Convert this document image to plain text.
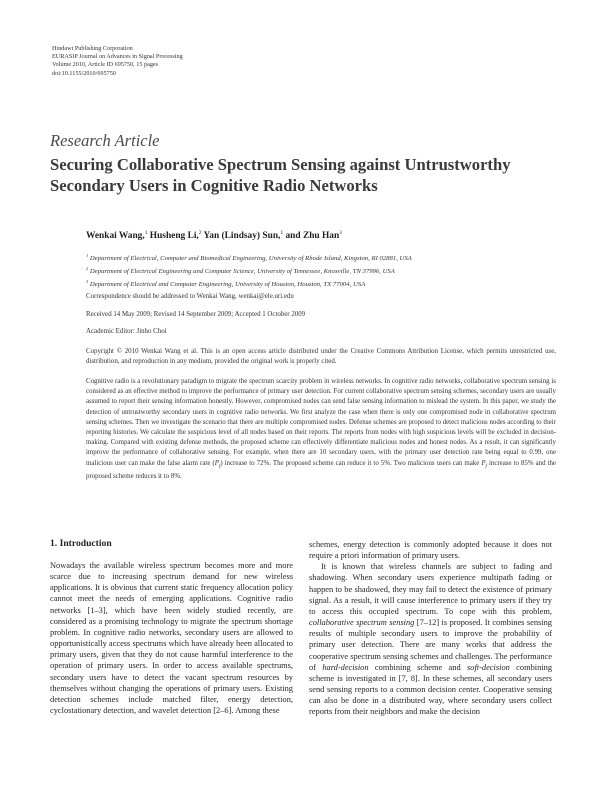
Hindawi Publishing Corporation
EURASIP Journal on Advances in Signal Processing
Volume 2010, Article ID 695750, 15 pages
doi:10.1155/2010/695750
Research Article
Securing Collaborative Spectrum Sensing against Untrustworthy Secondary Users in Cognitive Radio Networks
Wenkai Wang,$^1$ Husheng Li,$^2$ Yan (Lindsay) Sun,$^1$ and Zhu Han$^3$
$^1$ Department of Electrical, Computer and Biomedical Engineering, University of Rhode Island, Kingston, RI 02881, USA
$^2$ Department of Electrical Engineering and Computer Science, University of Tennessee, Knoxville, TN 37996, USA
$^3$ Department of Electrical and Computer Engineering, University of Houston, Houston, TX 77004, USA
Correspondence should be addressed to Wenkai Wang, wenkai@ele.uri.edu
Received 14 May 2009; Revised 14 September 2009; Accepted 1 October 2009
Academic Editor: Jinho Choi
Copyright © 2010 Wenkai Wang et al. This is an open access article distributed under the Creative Commons Attribution License, which permits unrestricted use, distribution, and reproduction in any medium, provided the original work is properly cited.
Cognitive radio is a revolutionary paradigm to migrate the spectrum scarcity problem in wireless networks. In cognitive radio networks, collaborative spectrum sensing is considered as an effective method to improve the performance of primary user detection. For current collaborative spectrum sensing schemes, secondary users are usually assumed to report their sensing information honestly. However, compromised nodes can send false sensing information to mislead the system. In this paper, we study the detection of untrustworthy secondary users in cognitive radio networks. We first analyze the case when there is only one compromised node in collaborative spectrum sensing schemes. Then we investigate the scenario that there are multiple compromised nodes. Defense schemes are proposed to detect malicious nodes according to their reporting histories. We calculate the suspicious level of all nodes based on their reports. The reports from nodes with high suspicious levels will be excluded in decision-making. Compared with existing defense methods, the proposed scheme can effectively differentiate malicious nodes and honest nodes. As a result, it can significantly improve the performance of collaborative sensing. For example, when there are 10 secondary users, with the primary user detection rate being equal to 0.99, one malicious user can make the false alarm rate $(P_f)$ increase to 72%. The proposed scheme can reduce it to 5%. Two malicious users can make $P_f$ increase to 85% and the proposed scheme reduces it to 8%.
1. Introduction

Nowadays the available wireless spectrum becomes more and more scarce due to increasing spectrum demand for new wireless applications. It is obvious that current static frequency allocation policy cannot meet the needs of emerging applications. Cognitive radio networks [1–3], which have been widely studied recently, are considered as a promising technology to migrate the spectrum shortage problem. In cognitive radio networks, secondary users are allowed to opportunistically access spectrums which have already been allocated to primary users, given that they do not cause harmful interference to the operation of primary users. In order to access available spectrums, secondary users have to detect the vacant spectrum resources by themselves without changing the operations of primary users. Existing detection schemes include matched filter, energy detection, cyclostationary detection, and wavelet detection [2–6]. Among these

schemes, energy detection is commonly adopted because it does not require a priori information of primary users.

It is known that wireless channels are subject to fading and shadowing. When secondary users experience multipath fading or happen to be shadowed, they may fail to detect the existence of primary signal. As a result, it will cause interference to primary users if they try to access this occupied spectrum. To cope with this problem, collaborative spectrum sensing [7–12] is proposed. It combines sensing results of multiple secondary users to improve the probability of primary user detection. There are many works that address the cooperative spectrum sensing schemes and challenges. The performance of hard-decision combining scheme and soft-decision combining scheme is investigated in [7, 8]. In these schemes, all secondary users send sensing reports to a common decision center. Cooperative sensing can also be done in a distributed way, where secondary users collect reports from their neighbors and make the decision
